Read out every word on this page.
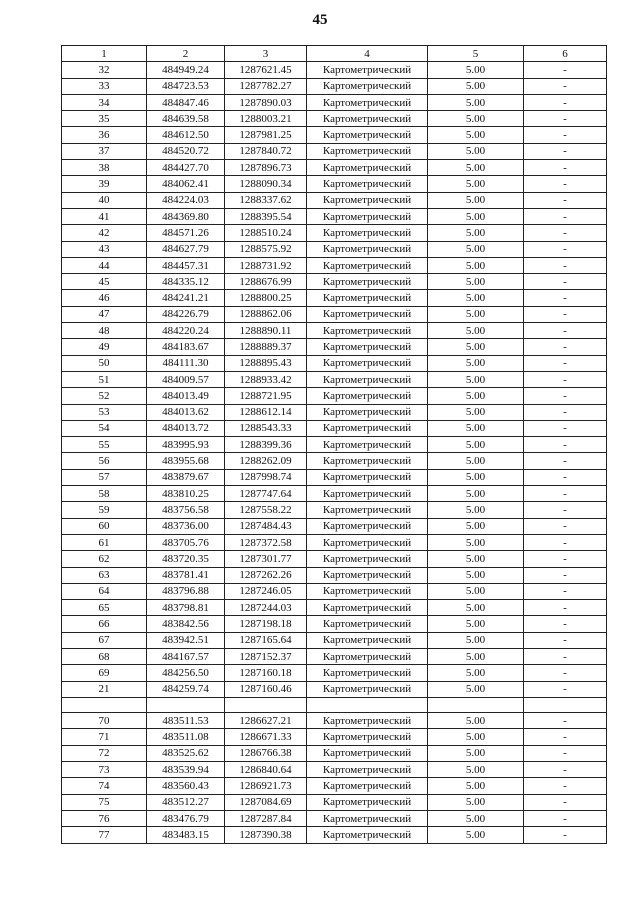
45
1	2	3	4	5	6
32	484949.24	1287621.45	Картометрический	5.00	-
33	484723.53	1287782.27	Картометрический	5.00	-
34	484847.46	1287890.03	Картометрический	5.00	-
35	484639.58	1288003.21	Картометрический	5.00	-
36	484612.50	1287981.25	Картометрический	5.00	-
37	484520.72	1287840.72	Картометрический	5.00	-
38	484427.70	1287896.73	Картометрический	5.00	-
39	484062.41	1288090.34	Картометрический	5.00	-
40	484224.03	1288337.62	Картометрический	5.00	-
41	484369.80	1288395.54	Картометрический	5.00	-
42	484571.26	1288510.24	Картометрический	5.00	-
43	484627.79	1288575.92	Картометрический	5.00	-
44	484457.31	1288731.92	Картометрический	5.00	-
45	484335.12	1288676.99	Картометрический	5.00	-
46	484241.21	1288800.25	Картометрический	5.00	-
47	484226.79	1288862.06	Картометрический	5.00	-
48	484220.24	1288890.11	Картометрический	5.00	-
49	484183.67	1288889.37	Картометрический	5.00	-
50	484111.30	1288895.43	Картометрический	5.00	-
51	484009.57	1288933.42	Картометрический	5.00	-
52	484013.49	1288721.95	Картометрический	5.00	-
53	484013.62	1288612.14	Картометрический	5.00	-
54	484013.72	1288543.33	Картометрический	5.00	-
55	483995.93	1288399.36	Картометрический	5.00	-
56	483955.68	1288262.09	Картометрический	5.00	-
57	483879.67	1287998.74	Картометрический	5.00	-
58	483810.25	1287747.64	Картометрический	5.00	-
59	483756.58	1287558.22	Картометрический	5.00	-
60	483736.00	1287484.43	Картометрический	5.00	-
61	483705.76	1287372.58	Картометрический	5.00	-
62	483720.35	1287301.77	Картометрический	5.00	-
63	483781.41	1287262.26	Картометрический	5.00	-
64	483796.88	1287246.05	Картометрический	5.00	-
65	483798.81	1287244.03	Картометрический	5.00	-
66	483842.56	1287198.18	Картометрический	5.00	-
67	483942.51	1287165.64	Картометрический	5.00	-
68	484167.57	1287152.37	Картометрический	5.00	-
69	484256.50	1287160.18	Картометрический	5.00	-
21	484259.74	1287160.46	Картометрический	5.00	-

70	483511.53	1286627.21	Картометрический	5.00	-
71	483511.08	1286671.33	Картометрический	5.00	-
72	483525.62	1286766.38	Картометрический	5.00	-
73	483539.94	1286840.64	Картометрический	5.00	-
74	483560.43	1286921.73	Картометрический	5.00	-
75	483512.27	1287084.69	Картометрический	5.00	-
76	483476.79	1287287.84	Картометрический	5.00	-
77	483483.15	1287390.38	Картометрический	5.00	-
